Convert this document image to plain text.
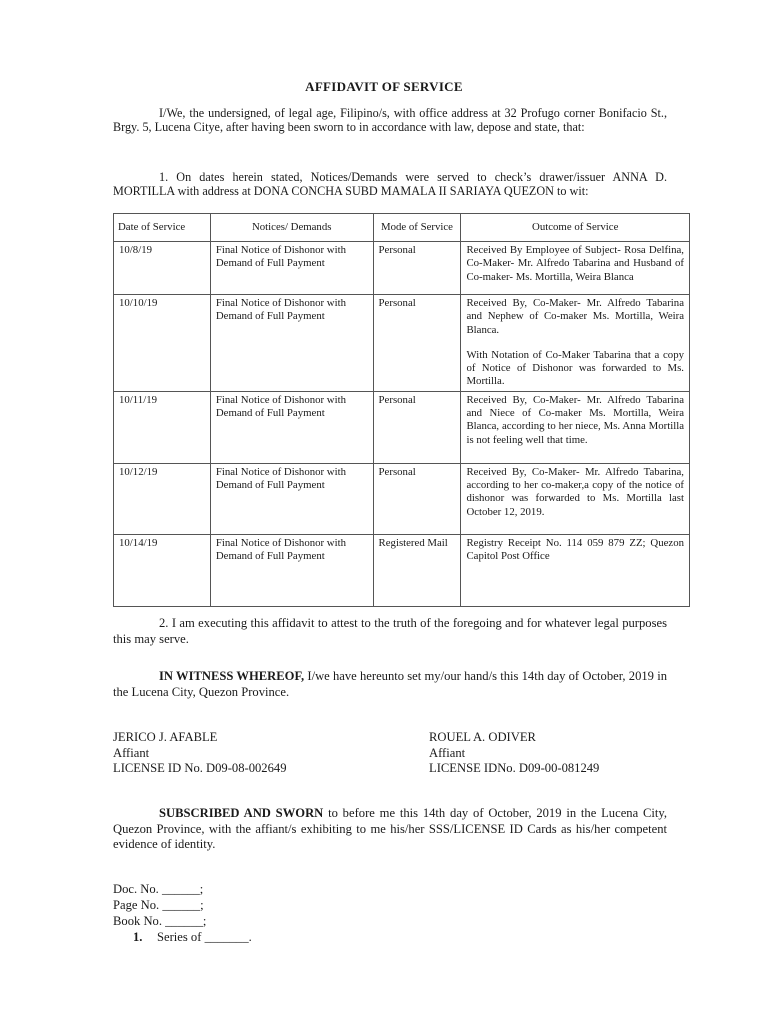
AFFIDAVIT OF SERVICE

I/We, the undersigned, of legal age, Filipino/s, with office address at 32 Profugo corner Bonifacio St., Brgy. 5, Lucena Citye, after having been sworn to in accordance with law, depose and state, that:

1. On dates herein stated, Notices/Demands were served to check’s drawer/issuer ANNA D. MORTILLA with address at DONA CONCHA SUBD MAMALA II SARIAYA QUEZON to wit:

Date of Service	Notices/ Demands	Mode of Service	Outcome of Service
10/8/19	Final Notice of Dishonor with Demand of Full Payment	Personal	Received By Employee of Subject- Rosa Delfina, Co-Maker- Mr. Alfredo Tabarina and Husband of Co-maker- Ms. Mortilla, Weira Blanca

10/10/19	Final Notice of Dishonor with Demand of Full Payment	Personal	Received By, Co-Maker- Mr. Alfredo Tabarina and Nephew of Co-maker Ms. Mortilla, Weira Blanca.
With Notation of Co-Maker Tabarina that a copy of Notice of Dishonor was forwarded to Ms. Mortilla.

10/11/19	Final Notice of Dishonor with Demand of Full Payment	Personal	Received By, Co-Maker- Mr. Alfredo Tabarina and Niece of Co-maker Ms. Mortilla, Weira Blanca, according to her niece, Ms. Anna Mortilla is not feeling well that time.

10/12/19	Final Notice of Dishonor with Demand of Full Payment	Personal	Received By, Co-Maker- Mr. Alfredo Tabarina, according to her co-maker,a copy of the notice of dishonor was forwarded to Ms. Mortilla last October 12, 2019.

10/14/19	Final Notice of Dishonor with Demand of Full Payment	Registered Mail	Registry Receipt No. 114 059 879 ZZ; Quezon Capitol Post Office

2. I am executing this affidavit to attest to the truth of the foregoing and for whatever legal purposes this may serve.

IN WITNESS WHEREOF, I/we have hereunto set my/our hand/s this 14th day of October, 2019 in the Lucena City, Quezon Province.

JERICO J. AFABLE
Affiant
LICENSE ID No. D09-08-002649
ROUEL A. ODIVER
Affiant
LICENSE IDNo. D09-00-081249

SUBSCRIBED AND SWORN to before me this 14th day of October, 2019 in the Lucena City, Quezon Province, with the affiant/s exhibiting to me his/her SSS/LICENSE ID Cards as his/her competent evidence of identity.

Doc. No. ______;
Page No. ______;
Book No. ______;
1. Series of _______.
